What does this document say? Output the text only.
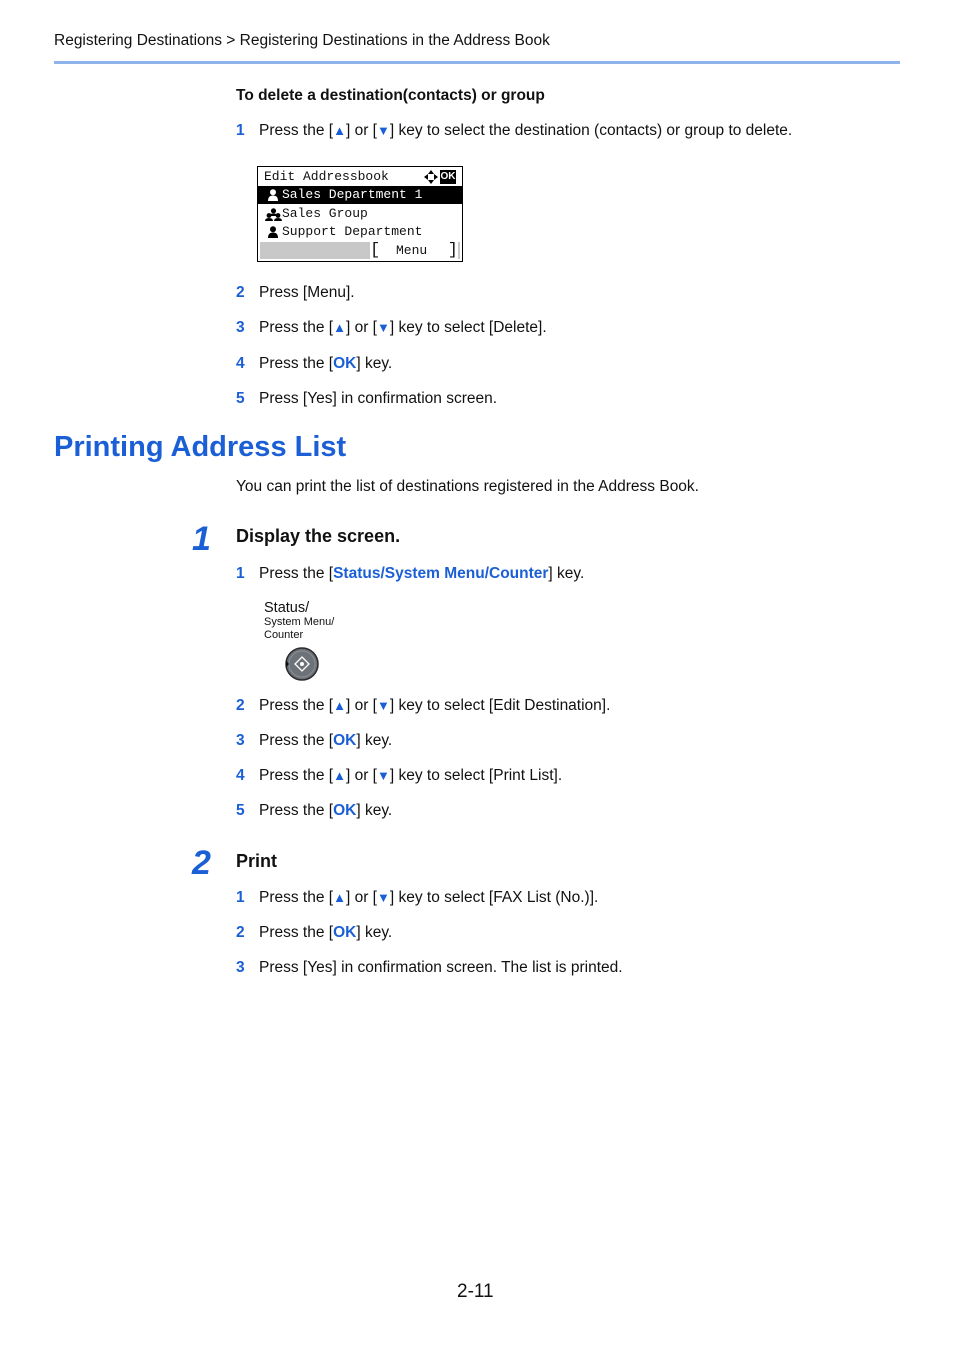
Registering Destinations > Registering Destinations in the Address Book
To delete a destination(contacts) or group
1 Press the [▲] or [▼] key to select the destination (contacts) or group to delete.
Edit Addressbook	OK
Sales Department 1
Sales Group
Support Department
[ Menu ]
2 Press [Menu].
3 Press the [▲] or [▼] key to select [Delete].
4 Press the [OK] key.
5 Press [Yes] in confirmation screen.
Printing Address List
You can print the list of destinations registered in the Address Book.
1 Display the screen.
1 Press the [Status/System Menu/Counter] key.
Status/
System Menu/
Counter
2 Press the [▲] or [▼] key to select [Edit Destination].
3 Press the [OK] key.
4 Press the [▲] or [▼] key to select [Print List].
5 Press the [OK] key.
2 Print
1 Press the [▲] or [▼] key to select [FAX List (No.)].
2 Press the [OK] key.
3 Press [Yes] in confirmation screen. The list is printed.
2-11
